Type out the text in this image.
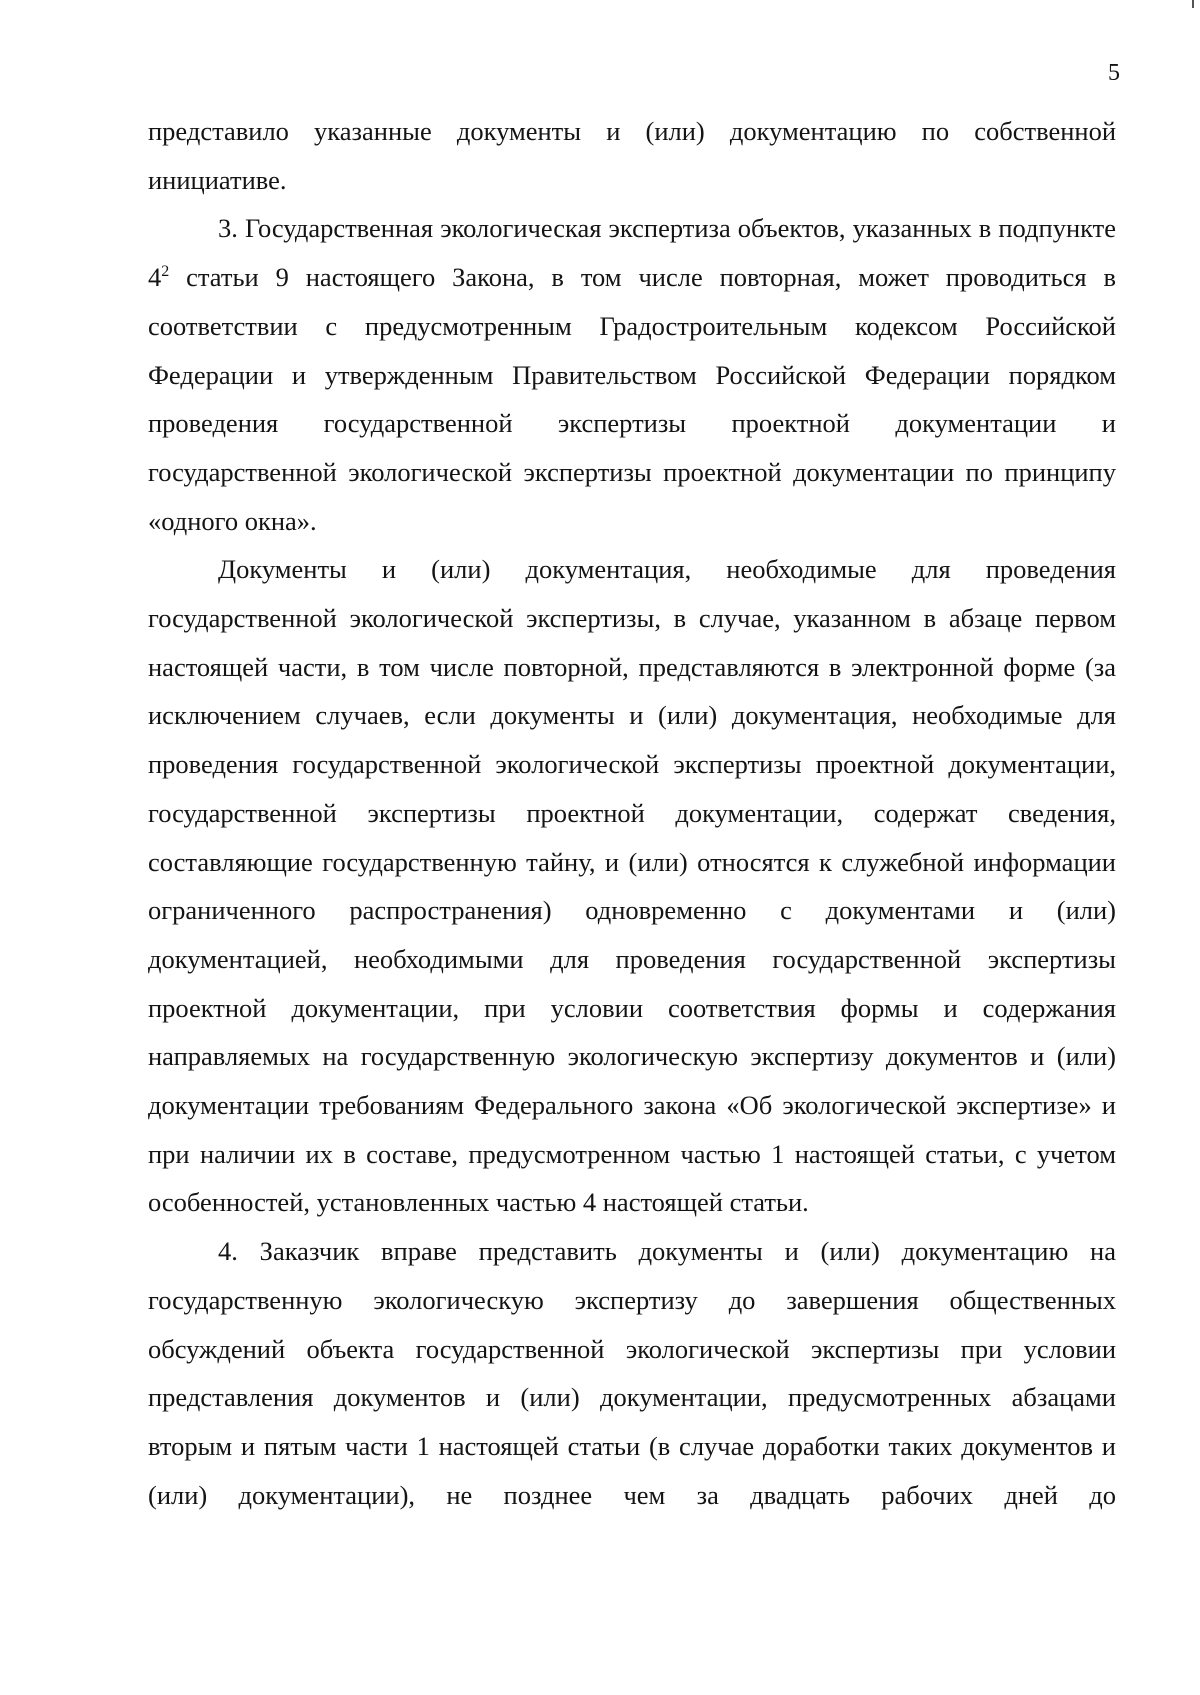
5

представило указанные документы и (или) документацию по собственной инициативе.

3. Государственная экологическая экспертиза объектов, указанных в подпункте $4^2$ статьи 9 настоящего Закона, в том числе повторная, может проводиться в соответствии с предусмотренным Градостроительным кодексом Российской Федерации и утвержденным Правительством Российской Федерации порядком проведения государственной экспертизы проектной документации и государственной экологической экспертизы проектной документации по принципу «одного окна».

Документы и (или) документация, необходимые для проведения государственной экологической экспертизы, в случае, указанном в абзаце первом настоящей части, в том числе повторной, представляются в электронной форме (за исключением случаев, если документы и (или) документация, необходимые для проведения государственной экологической экспертизы проектной документации, государственной экспертизы проектной документации, содержат сведения, составляющие государственную тайну, и (или) относятся к служебной информации ограниченного распространения) одновременно с документами и (или) документацией, необходимыми для проведения государственной экспертизы проектной документации, при условии соответствия формы и содержания направляемых на государственную экологическую экспертизу документов и (или) документации требованиям Федерального закона «Об экологической экспертизе» и при наличии их в составе, предусмотренном частью 1 настоящей статьи, с учетом особенностей, установленных частью 4 настоящей статьи.

4. Заказчик вправе представить документы и (или) документацию на государственную экологическую экспертизу до завершения общественных обсуждений объекта государственной экологической экспертизы при условии представления документов и (или) документации, предусмотренных абзацами вторым и пятым части 1 настоящей статьи (в случае доработки таких документов и (или) документации), не позднее чем за двадцать рабочих дней до
